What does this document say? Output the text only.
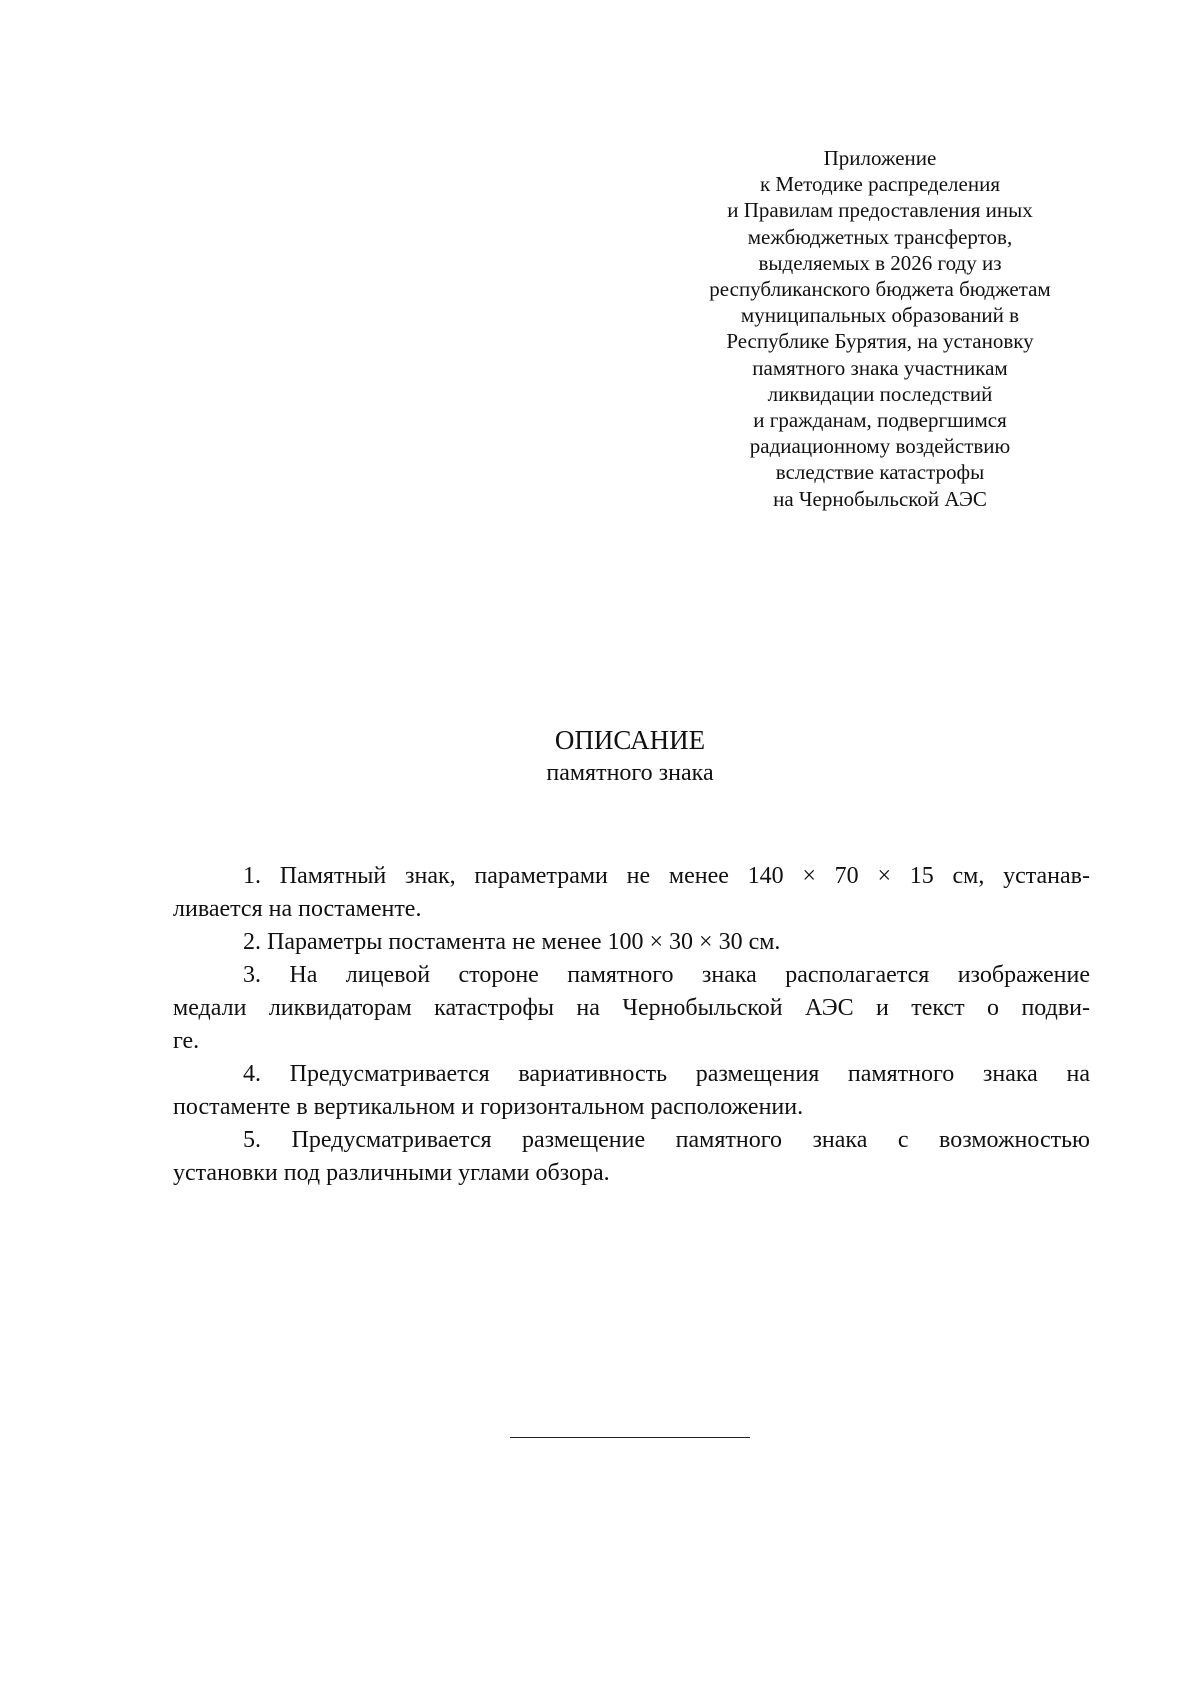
Приложение
к Методике распределения
и Правилам предоставления иных
межбюджетных трансфертов,
выделяемых в 2026 году из
республиканского бюджета бюджетам
муниципальных образований в
Республике Бурятия, на установку
памятного знака участникам
ликвидации последствий
и гражданам, подвергшимся
радиационному воздействию
вследствие катастрофы
на Чернобыльской АЭС
ОПИСАНИЕ
памятного знака
1. Памятный знак, параметрами не менее 140 × 70 × 15 см, устанав-
ливается на постаменте.
2. Параметры постамента не менее 100 × 30 × 30 см.
3. На лицевой стороне памятного знака располагается изображение
медали ликвидаторам катастрофы на Чернобыльской АЭС и текст о подви-
ге.
4. Предусматривается вариативность размещения памятного знака на
постаменте в вертикальном и горизонтальном расположении.
5. Предусматривается размещение памятного знака с возможностью
установки под различными углами обзора.
